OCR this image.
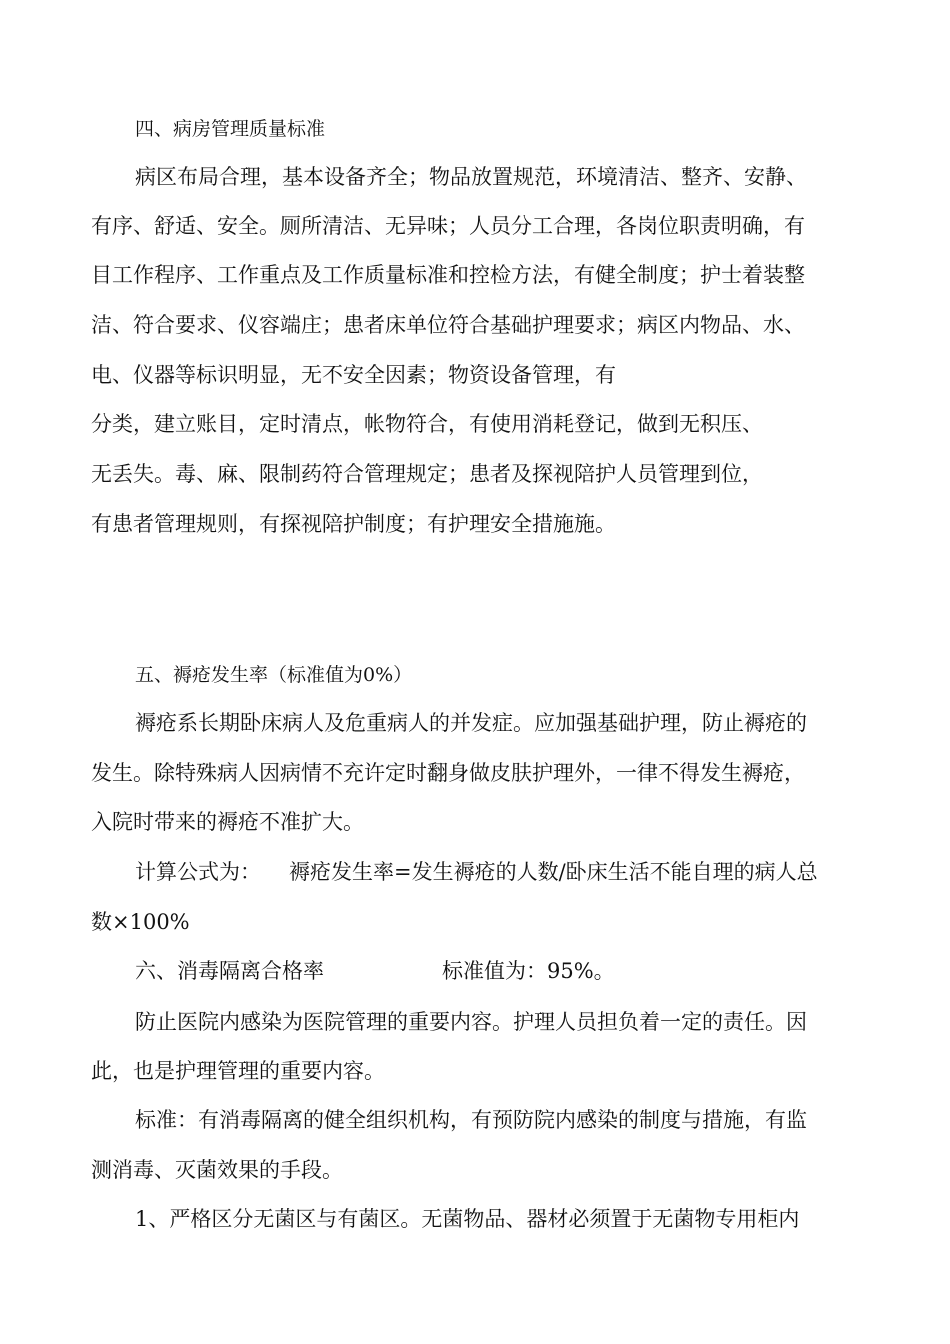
四、病房管理质量标准

病区布局合理，基本设备齐全；物品放置规范，环境清洁、整齐、安静、

有序、舒适、安全。厕所清洁、无异味；人员分工合理，各岗位职责明确，有

目工作程序、工作重点及工作质量标准和控检方法，有健全制度；护士着装整

洁、符合要求、仪容端庄；患者床单位符合基础护理要求；病区内物品、水、

电、仪器等标识明显，无不安全因素；物资设备管理，有

分类，建立账目，定时清点，帐物符合，有使用消耗登记，做到无积压、

无丢失。毒、麻、限制药符合管理规定；患者及探视陪护人员管理到位，

有患者管理规则，有探视陪护制度；有护理安全措施施。

五、褥疮发生率（标准值为0%）

褥疮系长期卧床病人及危重病人的并发症。应加强基础护理，防止褥疮的

发生。除特殊病人因病情不充许定时翻身做皮肤护理外，一律不得发生褥疮，

入院时带来的褥疮不准扩大。

计算公式为： 褥疮发生率=发生褥疮的人数/卧床生活不能自理的病人总

数×100%

六、消毒隔离合格率	标准值为：95%。

防止医院内感染为医院管理的重要内容。护理人员担负着一定的责任。因

此，也是护理管理的重要内容。

标准：有消毒隔离的健全组织机构，有预防院内感染的制度与措施，有监

测消毒、灭菌效果的手段。

1、严格区分无菌区与有菌区。无菌物品、器材必须置于无菌物专用柜内
